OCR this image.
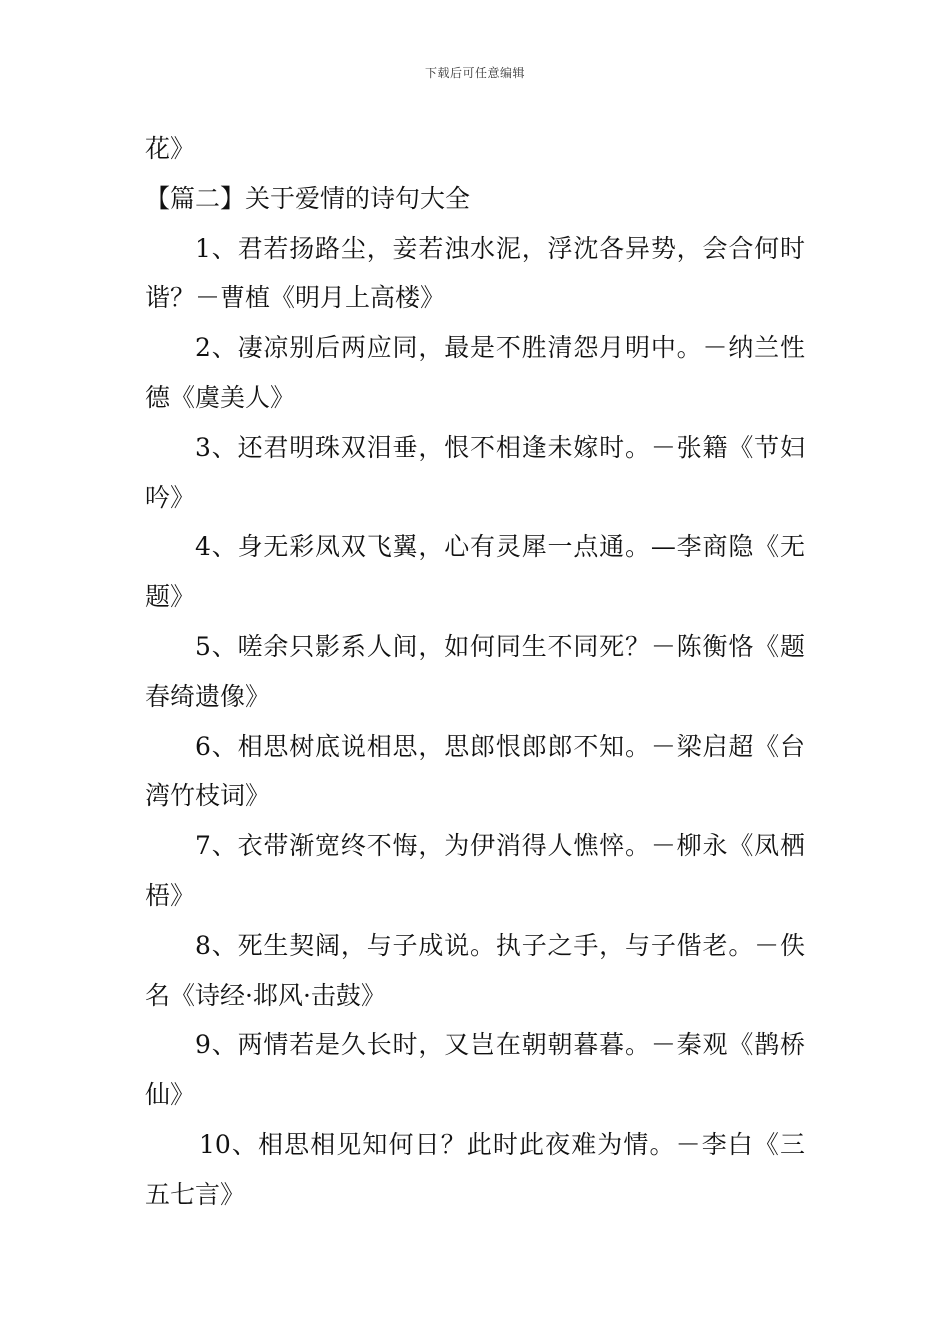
下载后可任意编辑

花》

【篇二】关于爱情的诗句大全

1、君若扬路尘，妾若浊水泥，浮沈各异势，会合何时谐？－曹植《明月上高楼》

2、凄凉别后两应同，最是不胜清怨月明中。－纳兰性德《虞美人》

3、还君明珠双泪垂，恨不相逢未嫁时。－张籍《节妇吟》

4、身无彩凤双飞翼，心有灵犀一点通。—李商隐《无题》

5、嗟余只影系人间，如何同生不同死？－陈衡恪《题春绮遗像》

6、相思树底说相思，思郎恨郎郎不知。－梁启超《台湾竹枝词》

7、衣带渐宽终不悔，为伊消得人憔悴。－柳永《凤栖梧》

8、死生契阔，与子成说。执子之手，与子偕老。－佚名《诗经·邶风·击鼓》

9、两情若是久长时，又岂在朝朝暮暮。－秦观《鹊桥仙》

10、相思相见知何日？此时此夜难为情。－李白《三五七言》
